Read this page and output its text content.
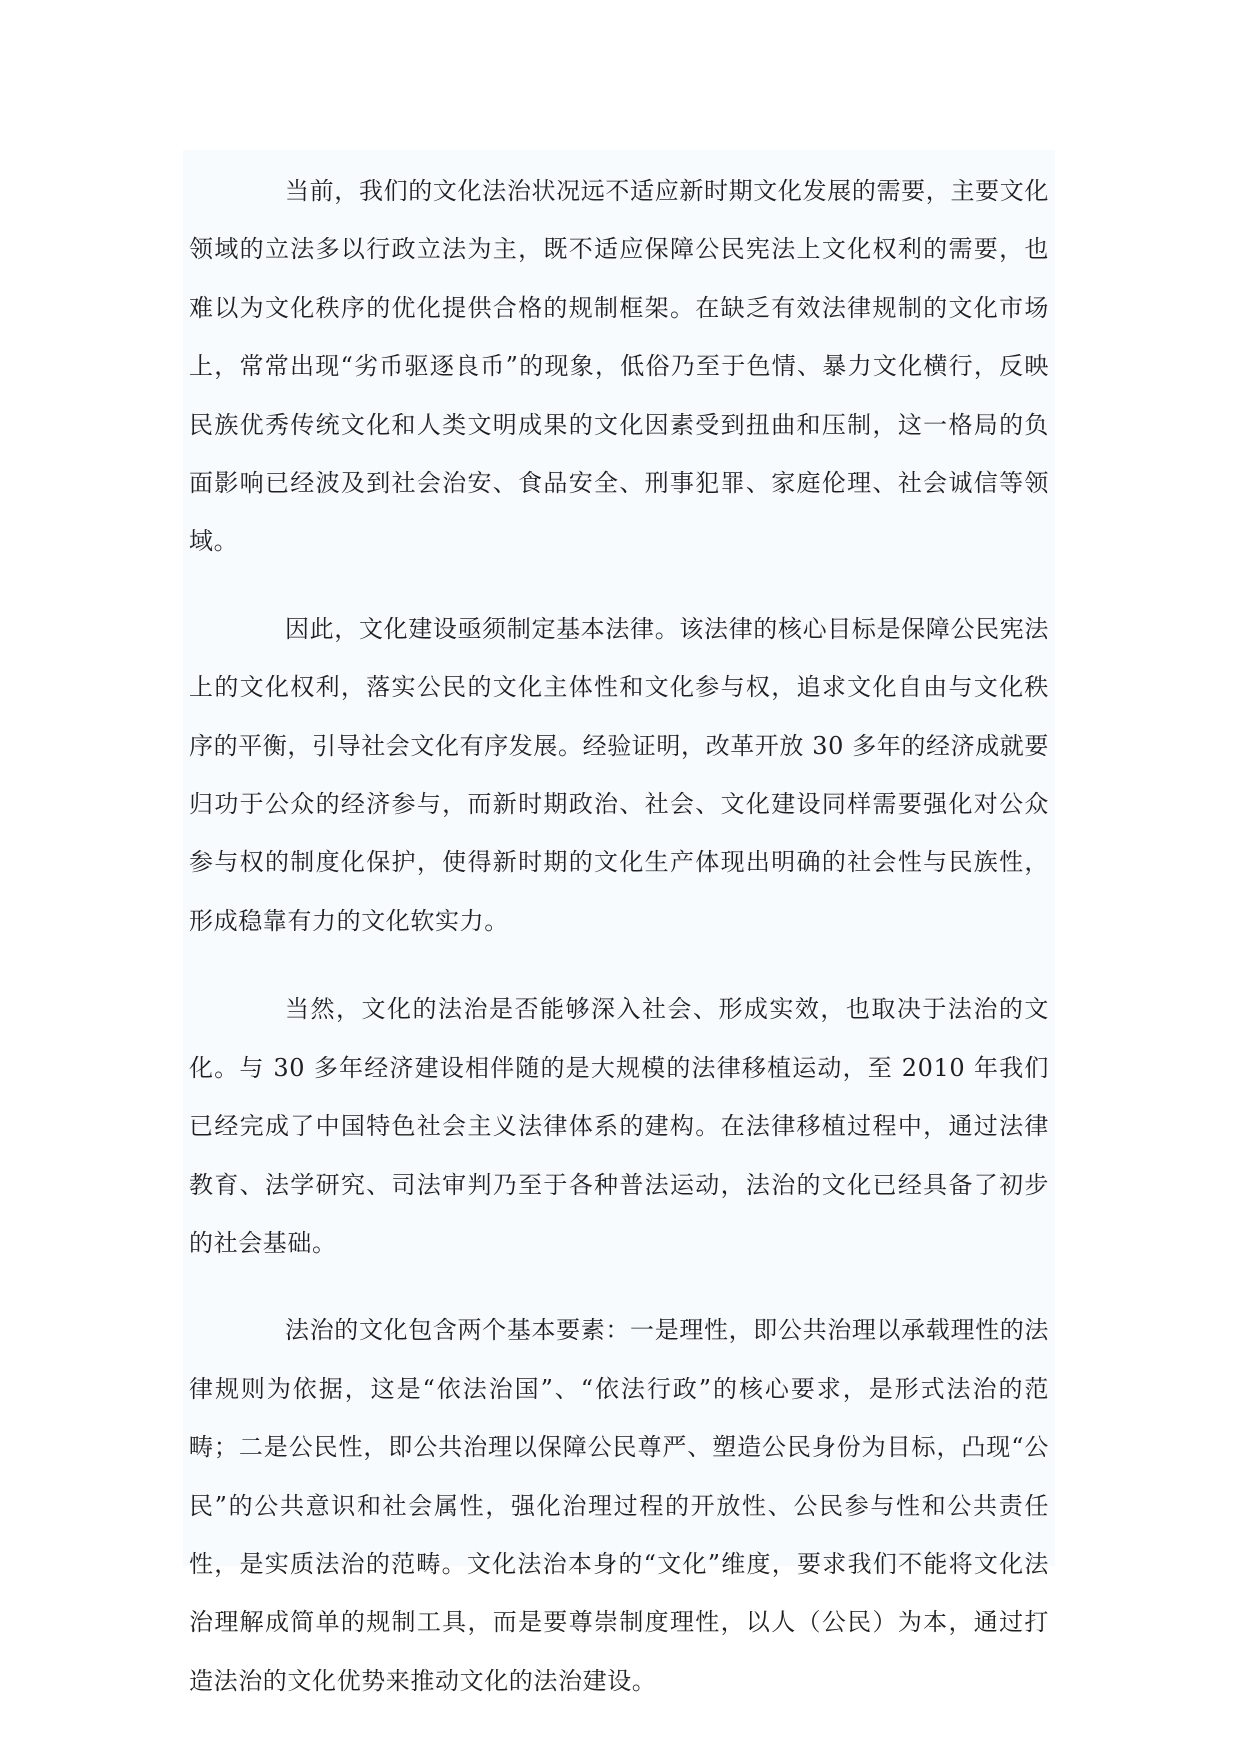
当前，我们的文化法治状况远不适应新时期文化发展的需要，主要文化领域的立法多以行政立法为主，既不适应保障公民宪法上文化权利的需要，也难以为文化秩序的优化提供合格的规制框架。在缺乏有效法律规制的文化市场上，常常出现“劣币驱逐良币”的现象，低俗乃至于色情、暴力文化横行，反映民族优秀传统文化和人类文明成果的文化因素受到扭曲和压制，这一格局的负面影响已经波及到社会治安、食品安全、刑事犯罪、家庭伦理、社会诚信等领域。

因此，文化建设亟须制定基本法律。该法律的核心目标是保障公民宪法上的文化权利，落实公民的文化主体性和文化参与权，追求文化自由与文化秩序的平衡，引导社会文化有序发展。经验证明，改革开放 30 多年的经济成就要归功于公众的经济参与，而新时期政治、社会、文化建设同样需要强化对公众参与权的制度化保护，使得新时期的文化生产体现出明确的社会性与民族性，形成稳靠有力的文化软实力。

当然，文化的法治是否能够深入社会、形成实效，也取决于法治的文化。与 30 多年经济建设相伴随的是大规模的法律移植运动，至 2010 年我们已经完成了中国特色社会主义法律体系的建构。在法律移植过程中，通过法律教育、法学研究、司法审判乃至于各种普法运动，法治的文化已经具备了初步的社会基础。

法治的文化包含两个基本要素：一是理性，即公共治理以承载理性的法律规则为依据，这是“依法治国”、“依法行政”的核心要求，是形式法治的范畴；二是公民性，即公共治理以保障公民尊严、塑造公民身份为目标，凸现“公民”的公共意识和社会属性，强化治理过程的开放性、公民参与性和公共责任性，是实质法治的范畴。文化法治本身的“文化”维度，要求我们不能将文化法治理解成简单的规制工具，而是要尊崇制度理性，以人（公民）为本，通过打造法治的文化优势来推动文化的法治建设。
